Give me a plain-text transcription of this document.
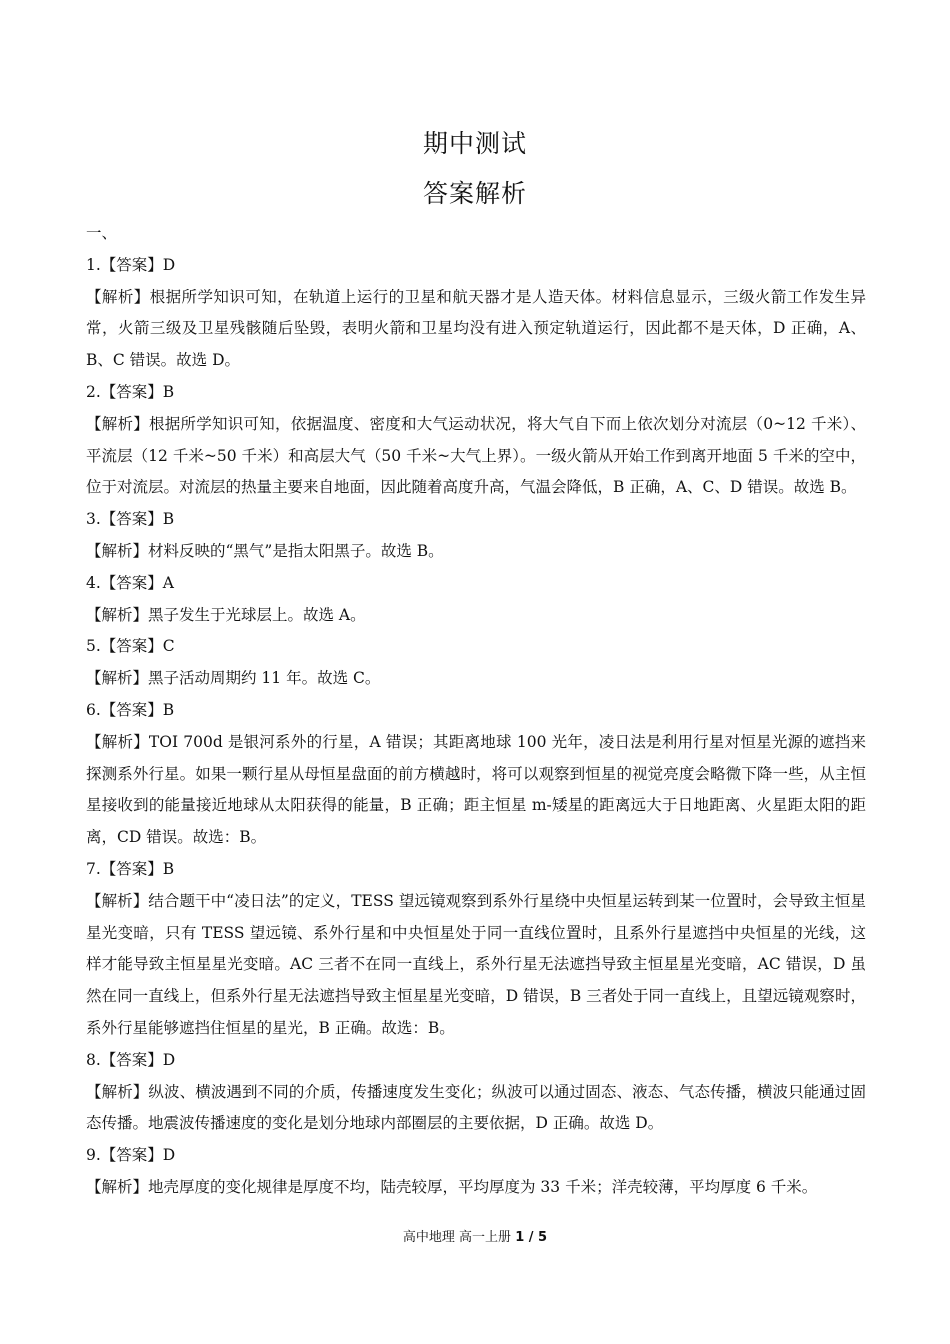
期中测试
答案解析
一、
1.【答案】D
【解析】根据所学知识可知，在轨道上运行的卫星和航天器才是人造天体。材料信息显示，三级火箭工作发生异常，火箭三级及卫星残骸随后坠毁，表明火箭和卫星均没有进入预定轨道运行，因此都不是天体，D 正确，A、B、C 错误。故选 D。
2.【答案】B
【解析】根据所学知识可知，依据温度、密度和大气运动状况，将大气自下而上依次划分对流层（0~12 千米）、平流层（12 千米~50 千米）和高层大气（50 千米~大气上界）。一级火箭从开始工作到离开地面 5 千米的空中，位于对流层。对流层的热量主要来自地面，因此随着高度升高，气温会降低，B 正确，A、C、D 错误。故选 B。
3.【答案】B
【解析】材料反映的“黑气”是指太阳黑子。故选 B。
4.【答案】A
【解析】黑子发生于光球层上。故选 A。
5.【答案】C
【解析】黑子活动周期约 11 年。故选 C。
6.【答案】B
【解析】TOI 700d 是银河系外的行星，A 错误；其距离地球 100 光年，凌日法是利用行星对恒星光源的遮挡来探测系外行星。如果一颗行星从母恒星盘面的前方横越时，将可以观察到恒星的视觉亮度会略微下降一些，从主恒星接收到的能量接近地球从太阳获得的能量，B 正确；距主恒星 m-矮星的距离远大于日地距离、火星距太阳的距离，CD 错误。故选：B。
7.【答案】B
【解析】结合题干中“凌日法”的定义，TESS 望远镜观察到系外行星绕中央恒星运转到某一位置时，会导致主恒星星光变暗，只有 TESS 望远镜、系外行星和中央恒星处于同一直线位置时，且系外行星遮挡中央恒星的光线，这样才能导致主恒星星光变暗。AC 三者不在同一直线上，系外行星无法遮挡导致主恒星星光变暗，AC 错误，D 虽然在同一直线上，但系外行星无法遮挡导致主恒星星光变暗，D 错误，B 三者处于同一直线上，且望远镜观察时，系外行星能够遮挡住恒星的星光，B 正确。故选：B。
8.【答案】D
【解析】纵波、横波遇到不同的介质，传播速度发生变化；纵波可以通过固态、液态、气态传播，横波只能通过固态传播。地震波传播速度的变化是划分地球内部圈层的主要依据，D 正确。故选 D。
9.【答案】D
【解析】地壳厚度的变化规律是厚度不均，陆壳较厚，平均厚度为 33 千米；洋壳较薄，平均厚度 6 千米。
高中地理 高一上册 1 / 5
